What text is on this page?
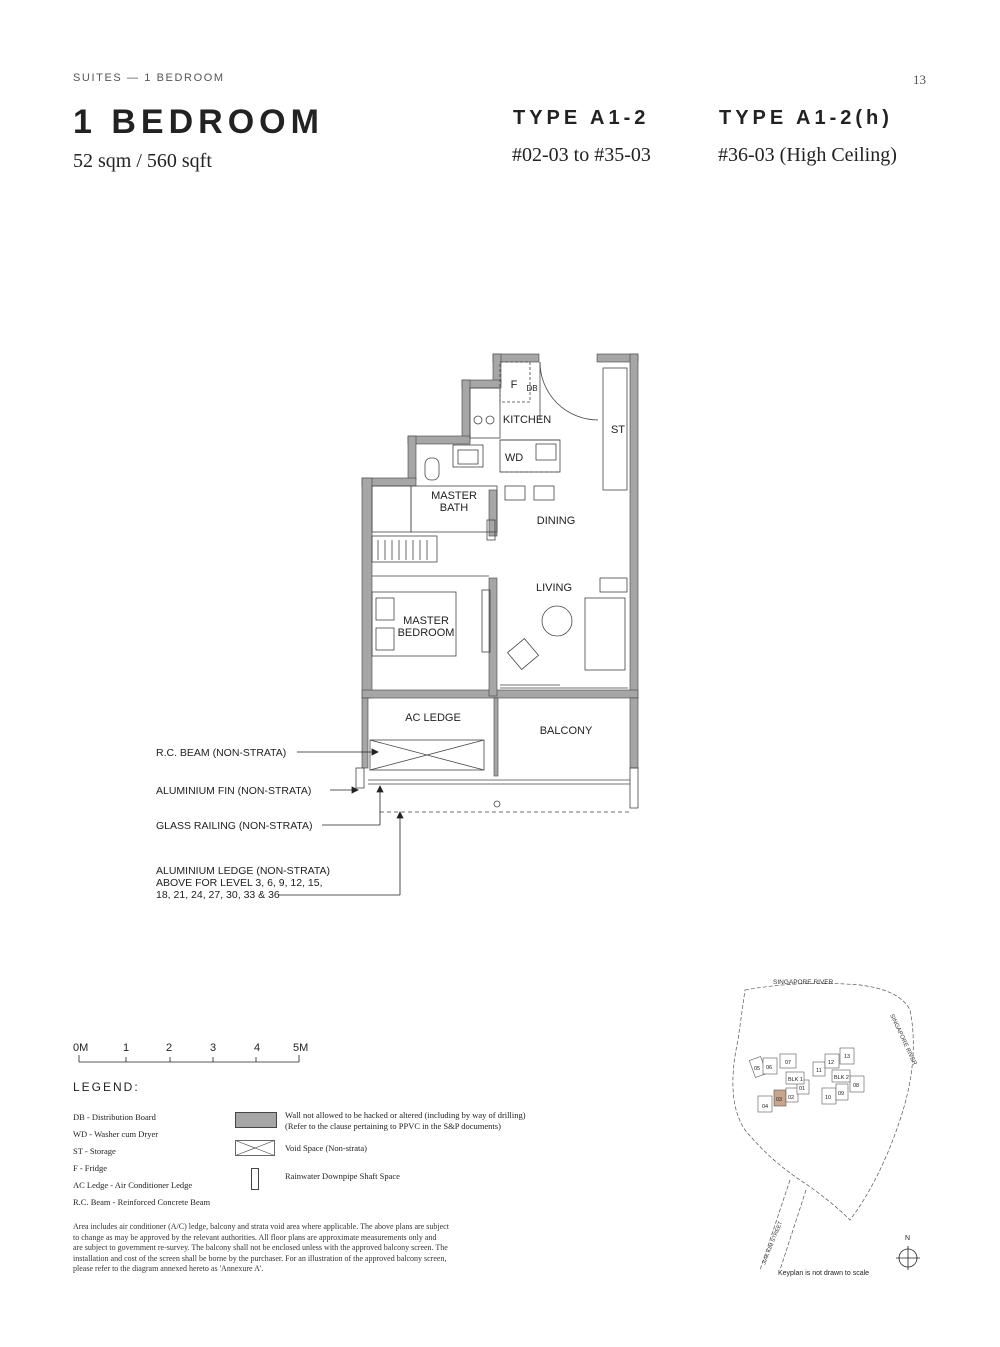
SUITES — 1 BEDROOM	13
1 BEDROOM
52 sqm / 560 sqft
TYPE A1-2
#02-03 to #35-03
TYPE A1-2(h)
#36-03 (High Ceiling)
F DB
KITCHEN
ST
WD
MASTER
BATH
DINING
LIVING
MASTER
BEDROOM
AC LEDGE
BALCONY
R.C. BEAM (NON-STRATA)
ALUMINIUM FIN (NON-STRATA)
GLASS RAILING (NON-STRATA)
ALUMINIUM LEDGE (NON-STRATA)
ABOVE FOR LEVEL 3, 6, 9, 12, 15,
18, 21, 24, 27, 30, 33 & 36
0M	1	2	3	4	5M
LEGEND:
DB - Distribution Board
WD - Washer cum Dryer
ST - Storage
F - Fridge
AC Ledge - Air Conditioner Ledge
R.C. Beam - Reinforced Concrete Beam
Wall not allowed to be hacked or altered (including by way of drilling)
(Refer to the clause pertaining to PPVC in the S&P documents)
Void Space (Non-strata)
Rainwater Downpipe Shaft Space
Area includes air conditioner (A/C) ledge, balcony and strata void area where applicable. The above plans are subject
to change as may be approved by the relevant authorities. All floor plans are approximate measurements only and
are subject to government re-survey. The balcony shall not be enclosed unless with the approved balcony screen. The
installation and cost of the screen shall be borne by the purchaser. For an illustration of the approved balcony screen,
please refer to the diagram annexed hereto as 'Annexure A'.
SINGAPORE RIVER
SINGAPORE RIVER
JIAK KIM STREET
05 06
07
04
03 02
01
BLK 1
11
12
13
10
09
08
BLK 2
N
Keyplan is not drawn to scale
